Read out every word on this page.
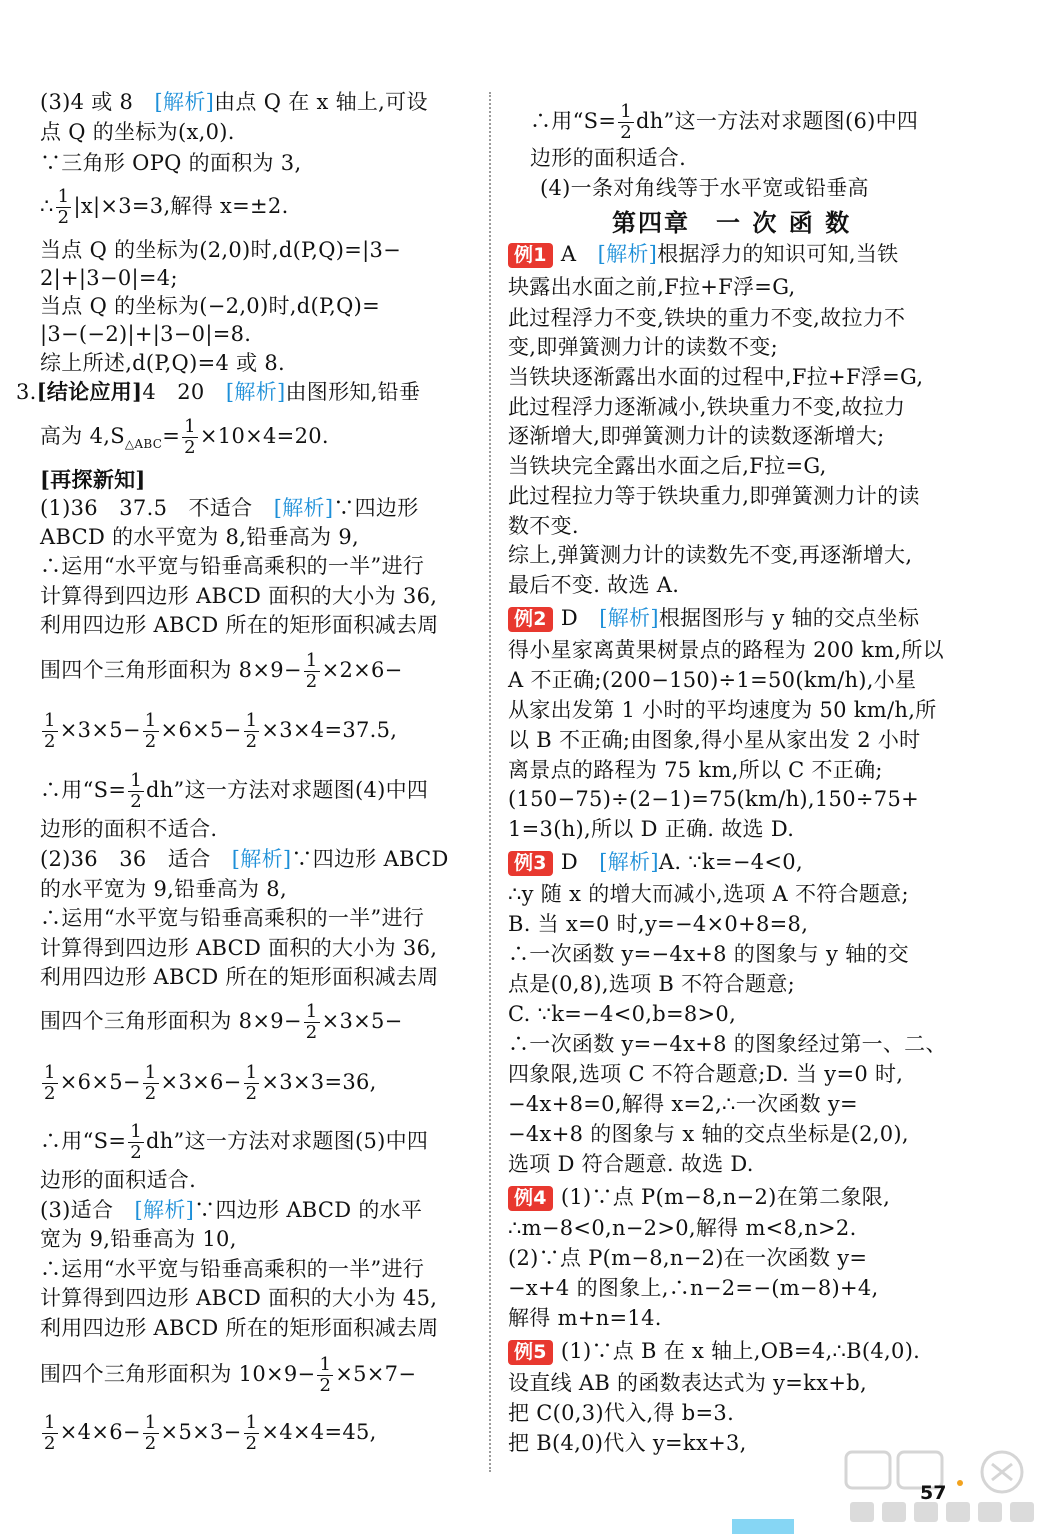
(3)4 或 8　[解析]由点 Q 在 x 轴上,可设
点 Q 的坐标为(x,0).
∵三角形 OPQ 的面积为 3,
∴ $\frac{1}{2} |x|\times 3=3$,解得 x=±2.
当点 Q 的坐标为(2,0)时,d(P,Q)=|3−
2|+|3−0|=4;
当点 Q 的坐标为(−2,0)时,d(P,Q)=
|3−(−2)|+|3−0|=8.
综上所述,d(P,Q)=4 或 8.
3.[结论应用]4　20　[解析]由图形知,铅垂
高为 $4,S_{\triangle ABC}= \frac{1}{2} \times 10\times 4=20$.
[再探新知]
(1)36　37.5　不适合　[解析]∵四边形
ABCD 的水平宽为 8,铅垂高为 9,
∴运用“水平宽与铅垂高乘积的一半”进行
计算得到四边形 ABCD 面积的大小为 36,
利用四边形 ABCD 所在的矩形面积减去周
围四个三角形面积为 $8\times 9- \frac{1}{2} \times 2\times 6-$
$\frac{1}{2} \times 3\times 5- \frac{1}{2} \times 6\times 5- \frac{1}{2} \times 3\times 4=37.5$,
∴用“$S= \frac{1}{2}$ dh”这一方法对求题图(4)中四
边形的面积不适合.
(2)36　36　适合　[解析]∵四边形 ABCD
的水平宽为 9,铅垂高为 8,
∴运用“水平宽与铅垂高乘积的一半”进行
计算得到四边形 ABCD 面积的大小为 36,
利用四边形 ABCD 所在的矩形面积减去周
围四个三角形面积为 $8\times 9- \frac{1}{2} \times 3\times 5-$
$\frac{1}{2} \times 6\times 5- \frac{1}{2} \times 3\times 6- \frac{1}{2} \times 3\times 3=36$,
∴用“$S= \frac{1}{2}$ dh”这一方法对求题图(5)中四
边形的面积适合.
(3)适合　[解析]∵四边形 ABCD 的水平
宽为 9,铅垂高为 10,
∴运用“水平宽与铅垂高乘积的一半”进行
计算得到四边形 ABCD 面积的大小为 45,
利用四边形 ABCD 所在的矩形面积减去周
围四个三角形面积为 $10\times 9- \frac{1}{2} \times 5\times 7-$
$\frac{1}{2} \times 4\times 6- \frac{1}{2} \times 5\times 3- \frac{1}{2} \times 4\times 4=45$,
∴用“$S= \frac{1}{2}$ dh”这一方法对求题图(6)中四
边形的面积适合.
(4)一条对角线等于水平宽或铅垂高
第四章　一 次 函 数
例1 A　[解析]根据浮力的知识可知,当铁
块露出水面之前,F拉+F浮=G,
此过程浮力不变,铁块的重力不变,故拉力不
变,即弹簧测力计的读数不变;
当铁块逐渐露出水面的过程中,F拉+F浮=G,
此过程浮力逐渐减小,铁块重力不变,故拉力
逐渐增大,即弹簧测力计的读数逐渐增大;
当铁块完全露出水面之后,F拉=G,
此过程拉力等于铁块重力,即弹簧测力计的读
数不变.
综上,弹簧测力计的读数先不变,再逐渐增大,
最后不变. 故选 A.
例2 D　[解析]根据图形与 y 轴的交点坐标
得小星家离黄果树景点的路程为 200 km,所以
A 不正确;(200−150)÷1=50(km/h),小星
从家出发第 1 小时的平均速度为 50 km/h,所
以 B 不正确;由图象,得小星从家出发 2 小时
离景点的路程为 75 km,所以 C 不正确;
(150−75)÷(2−1)=75(km/h),150÷75+
1=3(h),所以 D 正确. 故选 D.
例3 D　[解析]A. ∵k=−4<0,
∴y 随 x 的增大而减小,选项 A 不符合题意;
B. 当 x=0 时,y=−4×0+8=8,
∴一次函数 y=−4x+8 的图象与 y 轴的交
点是(0,8),选项 B 不符合题意;
C. ∵k=−4<0,b=8>0,
∴一次函数 y=−4x+8 的图象经过第一、二、
四象限,选项 C 不符合题意;D. 当 y=0 时,
−4x+8=0,解得 x=2,∴一次函数 y=
−4x+8 的图象与 x 轴的交点坐标是(2,0),
选项 D 符合题意. 故选 D.
例4 (1)∵点 P(m−8,n−2)在第二象限,
∴m−8<0,n−2>0,解得 m<8,n>2.
(2)∵点 P(m−8,n−2)在一次函数 y=
−x+4 的图象上,∴n−2=−(m−8)+4,
解得 m+n=14.
例5 (1)∵点 B 在 x 轴上,OB=4,∴B(4,0).
设直线 AB 的函数表达式为 y=kx+b,
把 C(0,3)代入,得 b=3.
把 B(4,0)代入 y=kx+3,
57
